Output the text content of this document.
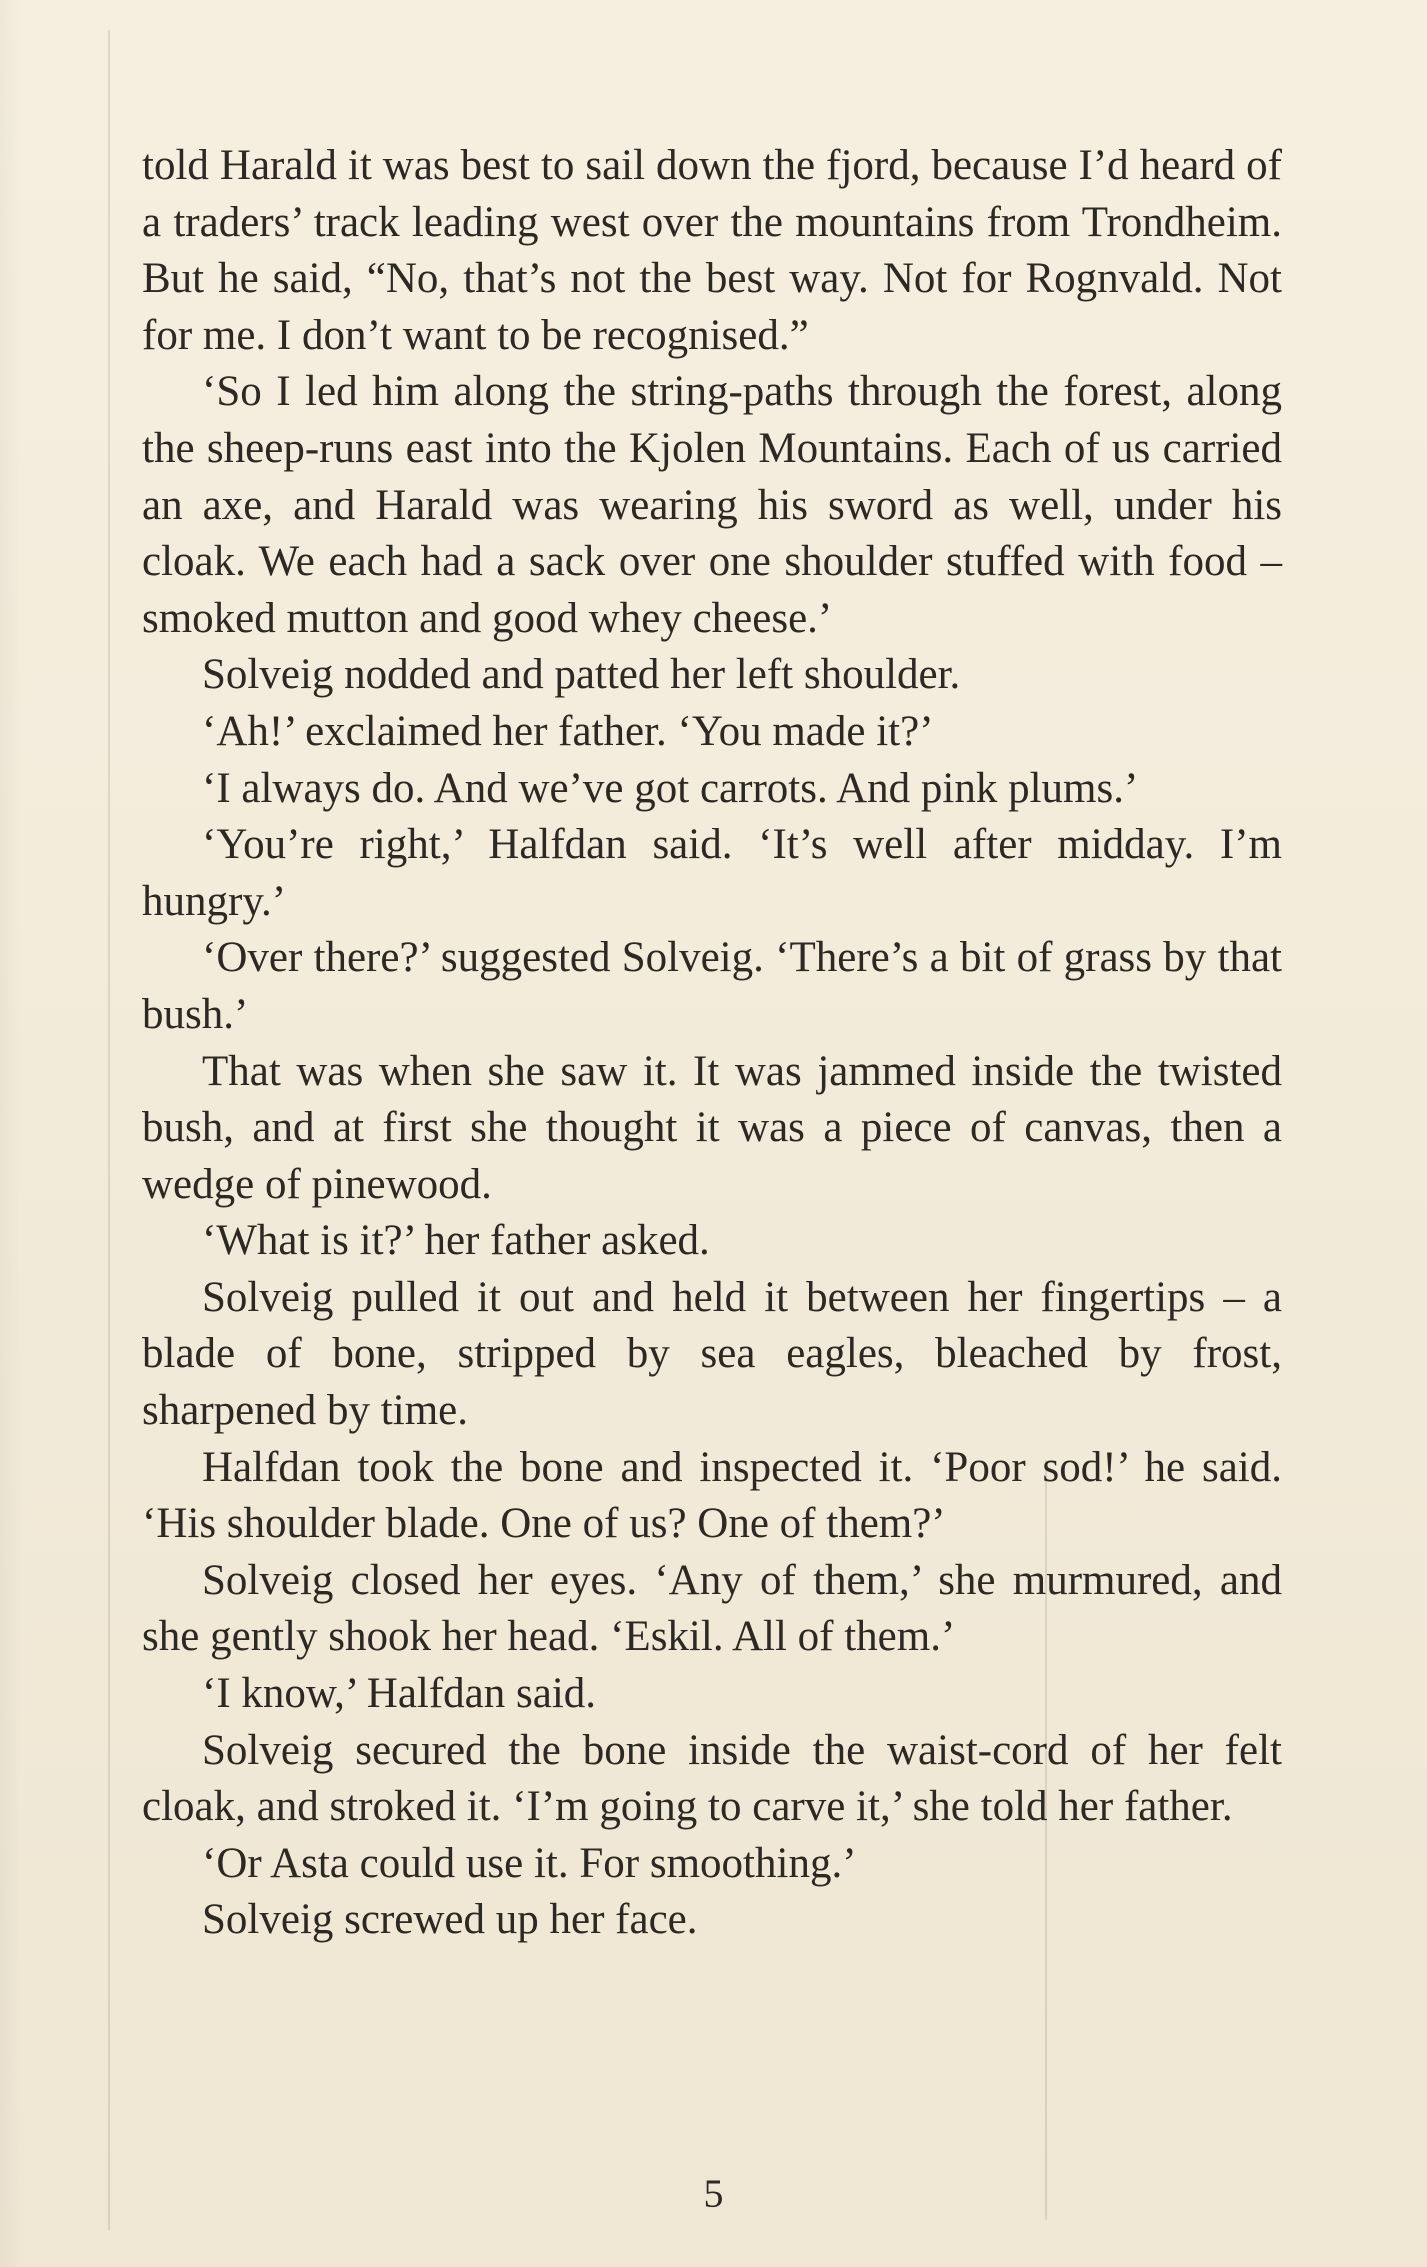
told Harald it was best to sail down the fjord, because I’d heard of a traders’ track leading west over the mountains from Trondheim. But he said, “No, that’s not the best way. Not for Rognvald. Not for me. I don’t want to be recognised.”

‘So I led him along the string-paths through the forest, along the sheep-runs east into the Kjolen Mountains. Each of us carried an axe, and Harald was wearing his sword as well, under his cloak. We each had a sack over one shoulder stuffed with food – smoked mutton and good whey cheese.’

Solveig nodded and patted her left shoulder.

‘Ah!’ exclaimed her father. ‘You made it?’

‘I always do. And we’ve got carrots. And pink plums.’

‘You’re right,’ Halfdan said. ‘It’s well after midday. I’m hungry.’

‘Over there?’ suggested Solveig. ‘There’s a bit of grass by that bush.’

That was when she saw it. It was jammed inside the twisted bush, and at first she thought it was a piece of canvas, then a wedge of pinewood.

‘What is it?’ her father asked.

Solveig pulled it out and held it between her fingertips – a blade of bone, stripped by sea eagles, bleached by frost, sharpened by time.

Halfdan took the bone and inspected it. ‘Poor sod!’ he said. ‘His shoulder blade. One of us? One of them?’

Solveig closed her eyes. ‘Any of them,’ she murmured, and she gently shook her head. ‘Eskil. All of them.’

‘I know,’ Halfdan said.

Solveig secured the bone inside the waist-cord of her felt cloak, and stroked it. ‘I’m going to carve it,’ she told her father.

‘Or Asta could use it. For smoothing.’

Solveig screwed up her face.

5
